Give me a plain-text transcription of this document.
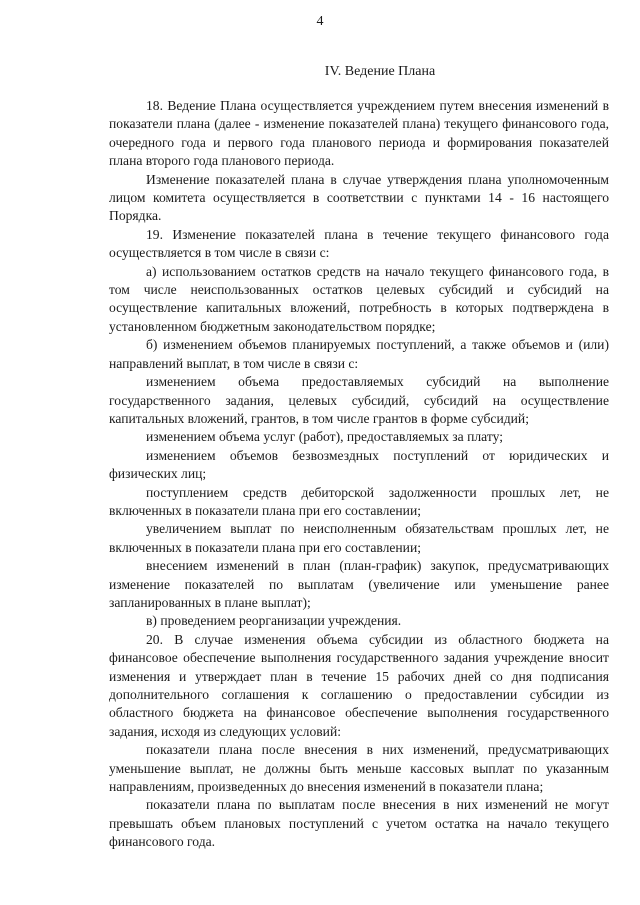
4
IV. Ведение Плана

18. Ведение Плана осуществляется учреждением путем внесения изменений в показатели плана (далее - изменение показателей плана) текущего финансового года, очередного года и первого года планового периода и формирования показателей плана второго года планового периода.

Изменение показателей плана в случае утверждения плана уполномоченным лицом комитета осуществляется в соответствии с пунктами 14 - 16 настоящего Порядка.

19. Изменение показателей плана в течение текущего финансового года осуществляется в том числе в связи с:

а) использованием остатков средств на начало текущего финансового года, в том числе неиспользованных остатков целевых субсидий и субсидий на осуществление капитальных вложений, потребность в которых подтверждена в установленном бюджетным законодательством порядке;

б) изменением объемов планируемых поступлений, а также объемов и (или) направлений выплат, в том числе в связи с:

изменением объема предоставляемых субсидий на выполнение государственного задания, целевых субсидий, субсидий на осуществление капитальных вложений, грантов, в том числе грантов в форме субсидий;

изменением объема услуг (работ), предоставляемых за плату;

изменением объемов безвозмездных поступлений от юридических и физических лиц;

поступлением средств дебиторской задолженности прошлых лет, не включенных в показатели плана при его составлении;

увеличением выплат по неисполненным обязательствам прошлых лет, не включенных в показатели плана при его составлении;

внесением изменений в план (план-график) закупок, предусматривающих изменение показателей по выплатам (увеличение или уменьшение ранее запланированных в плане выплат);

в) проведением реорганизации учреждения.

20. В случае изменения объема субсидии из областного бюджета на финансовое обеспечение выполнения государственного задания учреждение вносит изменения и утверждает план в течение 15 рабочих дней со дня подписания дополнительного соглашения к соглашению о предоставлении субсидии из областного бюджета на финансовое обеспечение выполнения государственного задания, исходя из следующих условий:

показатели плана после внесения в них изменений, предусматривающих уменьшение выплат, не должны быть меньше кассовых выплат по указанным направлениям, произведенных до внесения изменений в показатели плана;

показатели плана по выплатам после внесения в них изменений не могут превышать объем плановых поступлений с учетом остатка на начало текущего финансового года.
